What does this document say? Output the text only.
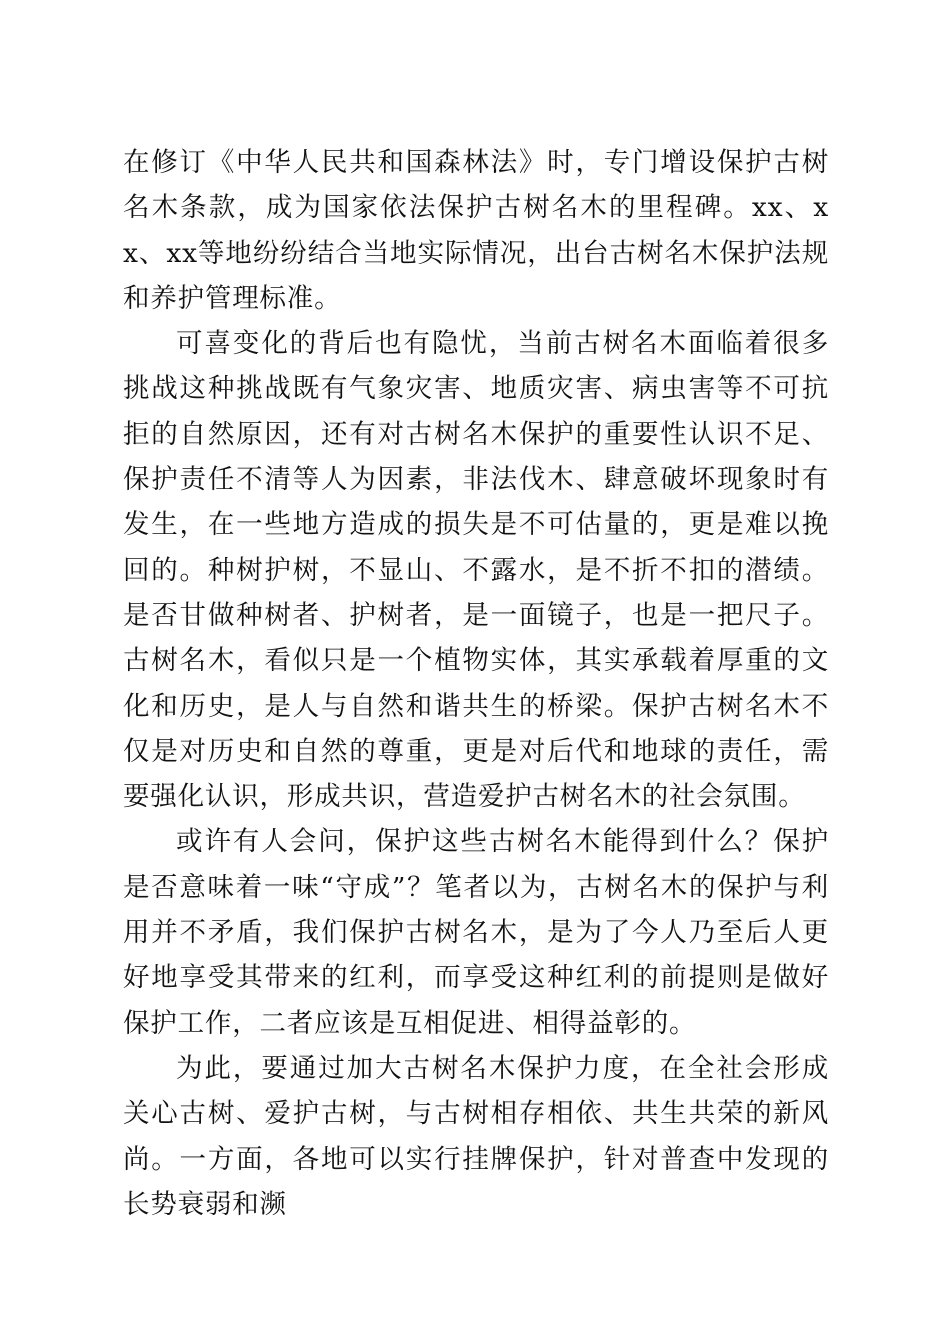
在修订《中华人民共和国森林法》时，专门增设保护古树名木条款，成为国家依法保护古树名木的里程碑。xx、xx、xx等地纷纷结合当地实际情况，出台古树名木保护法规和养护管理标准。

可喜变化的背后也有隐忧，当前古树名木面临着很多挑战这种挑战既有气象灾害、地质灾害、病虫害等不可抗拒的自然原因，还有对古树名木保护的重要性认识不足、保护责任不清等人为因素，非法伐木、肆意破坏现象时有发生，在一些地方造成的损失是不可估量的，更是难以挽回的。种树护树，不显山、不露水，是不折不扣的潜绩。是否甘做种树者、护树者，是一面镜子，也是一把尺子。古树名木，看似只是一个植物实体，其实承载着厚重的文化和历史，是人与自然和谐共生的桥梁。保护古树名木不仅是对历史和自然的尊重，更是对后代和地球的责任，需要强化认识，形成共识，营造爱护古树名木的社会氛围。

或许有人会问，保护这些古树名木能得到什么？保护是否意味着一味“守成”？笔者以为，古树名木的保护与利用并不矛盾，我们保护古树名木，是为了今人乃至后人更好地享受其带来的红利，而享受这种红利的前提则是做好保护工作，二者应该是互相促进、相得益彰的。

为此，要通过加大古树名木保护力度，在全社会形成关心古树、爱护古树，与古树相存相依、共生共荣的新风尚。一方面，各地可以实行挂牌保护，针对普查中发现的长势衰弱和濒
